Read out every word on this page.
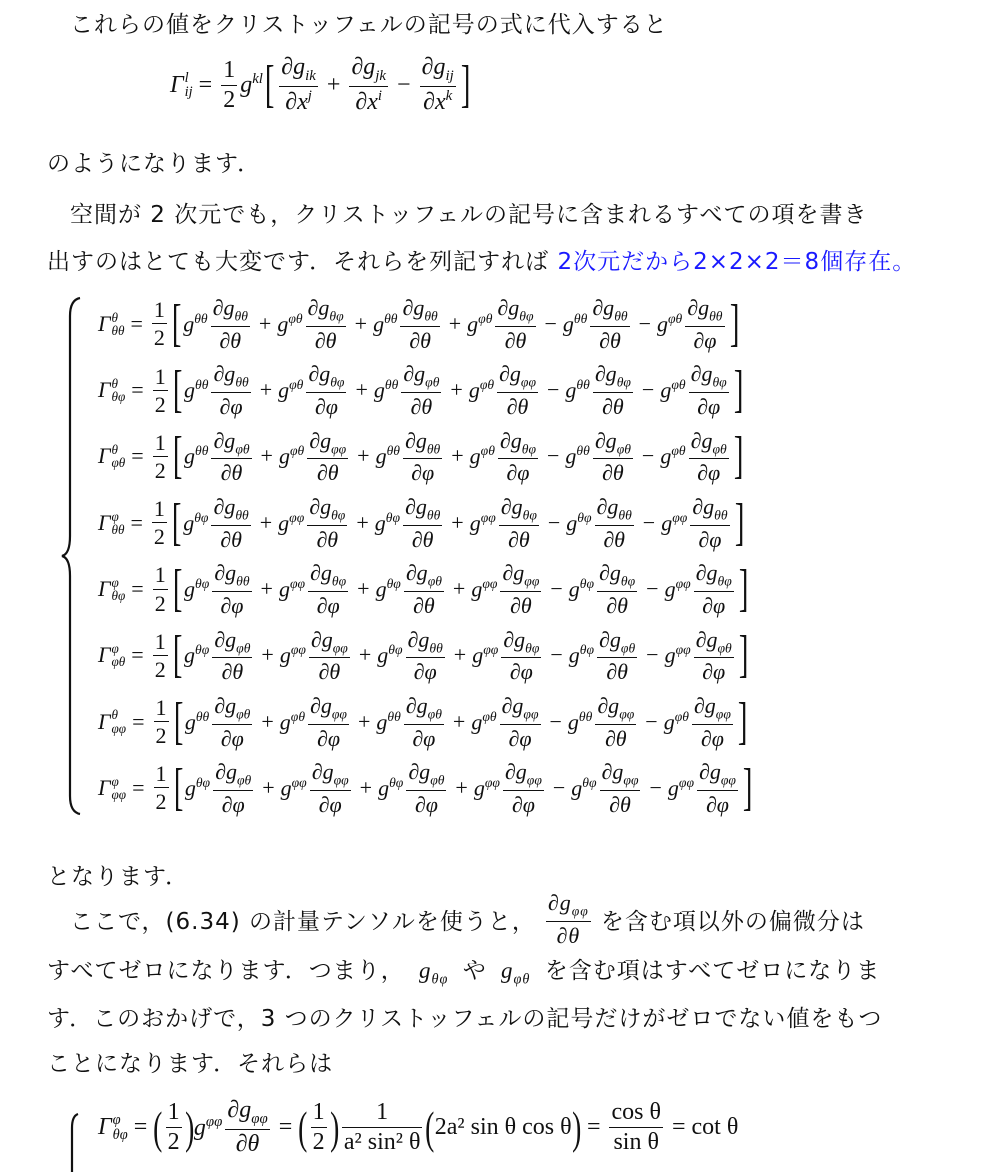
これらの値をクリストッフェルの記号の式に代入すると
Γ l
ij = $\frac{1}{2} g^{kl}$ [ $\frac{\partial g_{ik}}{\partial x^j} + \frac{\partial g_{jk}}{\partial x^i} - \frac{\partial g_{ij}}{\partial x^k}$ ]
のようになります．
空間が 2 次元でも，クリストッフェルの記号に含まれるすべての項を書き
出すのはとても大変です．それらを列記すれば 2次元だから2×2×2＝8個存在。
Γ θ
$\theta\theta = \frac{1}{2}$ [ $g^{\theta\theta} \frac{\partial g_{\theta\theta}}{\partial\theta} + g^{\varphi\theta} \frac{\partial g_{\theta\varphi}}{\partial\theta} + g^{\theta\theta} \frac{\partial g_{\theta\theta}}{\partial\theta} + g^{\varphi\theta} \frac{\partial g_{\theta\varphi}}{\partial\theta} - g^{\theta\theta} \frac{\partial g_{\theta\theta}}{\partial\theta} - g^{\varphi\theta} \frac{\partial g_{\theta\theta}}{\partial\varphi}$ ]
Γ θ
$\theta\varphi = \frac{1}{2}$ [ $g^{\theta\theta} \frac{\partial g_{\theta\theta}}{\partial\varphi} + g^{\varphi\theta} \frac{\partial g_{\theta\varphi}}{\partial\varphi} + g^{\theta\theta} \frac{\partial g_{\varphi\theta}}{\partial\theta} + g^{\varphi\theta} \frac{\partial g_{\varphi\varphi}}{\partial\theta} - g^{\theta\theta} \frac{\partial g_{\theta\varphi}}{\partial\theta} - g^{\varphi\theta} \frac{\partial g_{\theta\varphi}}{\partial\varphi}$ ]
Γ θ
$\varphi\theta = \frac{1}{2}$ [ $g^{\theta\theta} \frac{\partial g_{\varphi\theta}}{\partial\theta} + g^{\varphi\theta} \frac{\partial g_{\varphi\varphi}}{\partial\theta} + g^{\theta\theta} \frac{\partial g_{\theta\theta}}{\partial\varphi} + g^{\varphi\theta} \frac{\partial g_{\theta\varphi}}{\partial\varphi} - g^{\theta\theta} \frac{\partial g_{\varphi\theta}}{\partial\theta} - g^{\varphi\theta} \frac{\partial g_{\varphi\theta}}{\partial\varphi}$ ]
Γ φ
$\theta\theta = \frac{1}{2}$ [ $g^{\theta\varphi} \frac{\partial g_{\theta\theta}}{\partial\theta} + g^{\varphi\varphi} \frac{\partial g_{\theta\varphi}}{\partial\theta} + g^{\theta\varphi} \frac{\partial g_{\theta\theta}}{\partial\theta} + g^{\varphi\varphi} \frac{\partial g_{\theta\varphi}}{\partial\theta} - g^{\theta\varphi} \frac{\partial g_{\theta\theta}}{\partial\theta} - g^{\varphi\varphi} \frac{\partial g_{\theta\theta}}{\partial\varphi}$ ]
Γ φ
$\theta\varphi = \frac{1}{2}$ [ $g^{\theta\varphi} \frac{\partial g_{\theta\theta}}{\partial\varphi} + g^{\varphi\varphi} \frac{\partial g_{\theta\varphi}}{\partial\varphi} + g^{\theta\varphi} \frac{\partial g_{\varphi\theta}}{\partial\theta} + g^{\varphi\varphi} \frac{\partial g_{\varphi\varphi}}{\partial\theta} - g^{\theta\varphi} \frac{\partial g_{\theta\varphi}}{\partial\theta} - g^{\varphi\varphi} \frac{\partial g_{\theta\varphi}}{\partial\varphi}$ ]
Γ φ
$\varphi\theta = \frac{1}{2}$ [ $g^{\theta\varphi} \frac{\partial g_{\varphi\theta}}{\partial\theta} + g^{\varphi\varphi} \frac{\partial g_{\varphi\varphi}}{\partial\theta} + g^{\theta\varphi} \frac{\partial g_{\theta\theta}}{\partial\varphi} + g^{\varphi\varphi} \frac{\partial g_{\theta\varphi}}{\partial\varphi} - g^{\theta\varphi} \frac{\partial g_{\varphi\theta}}{\partial\theta} - g^{\varphi\varphi} \frac{\partial g_{\varphi\theta}}{\partial\varphi}$ ]
Γ θ
$\varphi\varphi = \frac{1}{2}$ [ $g^{\theta\theta} \frac{\partial g_{\varphi\theta}}{\partial\varphi} + g^{\varphi\theta} \frac{\partial g_{\varphi\varphi}}{\partial\varphi} + g^{\theta\theta} \frac{\partial g_{\varphi\theta}}{\partial\varphi} + g^{\varphi\theta} \frac{\partial g_{\varphi\varphi}}{\partial\varphi} - g^{\theta\theta} \frac{\partial g_{\varphi\varphi}}{\partial\theta} - g^{\varphi\theta} \frac{\partial g_{\varphi\varphi}}{\partial\varphi}$ ]
Γ φ
$\varphi\varphi = \frac{1}{2}$ [ $g^{\theta\varphi} \frac{\partial g_{\varphi\theta}}{\partial\varphi} + g^{\varphi\varphi} \frac{\partial g_{\varphi\varphi}}{\partial\varphi} + g^{\theta\varphi} \frac{\partial g_{\varphi\theta}}{\partial\varphi} + g^{\varphi\varphi} \frac{\partial g_{\varphi\varphi}}{\partial\varphi} - g^{\theta\varphi} \frac{\partial g_{\varphi\varphi}}{\partial\theta} - g^{\varphi\varphi} \frac{\partial g_{\varphi\varphi}}{\partial\varphi}$ ]
となります．
ここで，(6.34) の計量テンソルを使うと， $\frac{\partial g_{\varphi\varphi}}{\partial\theta}$ を含む項以外の偏微分は
すべてゼロになります．つまり， $g_{\theta\varphi}$ や $g_{\varphi\theta}$ を含む項はすべてゼロになりま
す．このおかげで，3 つのクリストッフェルの記号だけがゼロでない値をもつ
ことになります．それらは
Γ φ
θφ = ( $\frac{1}{2}$ ) $g^{\varphi\varphi} \frac{\partial g_{\varphi\varphi}}{\partial\theta}$ = ( $\frac{1}{2}$ ) $\frac{1}{\text{a² sin² θ}}$ ( 2a² sin θ cos θ ) = $\frac{\text{cos θ}}{\text{sin θ}} = \cot \theta$
